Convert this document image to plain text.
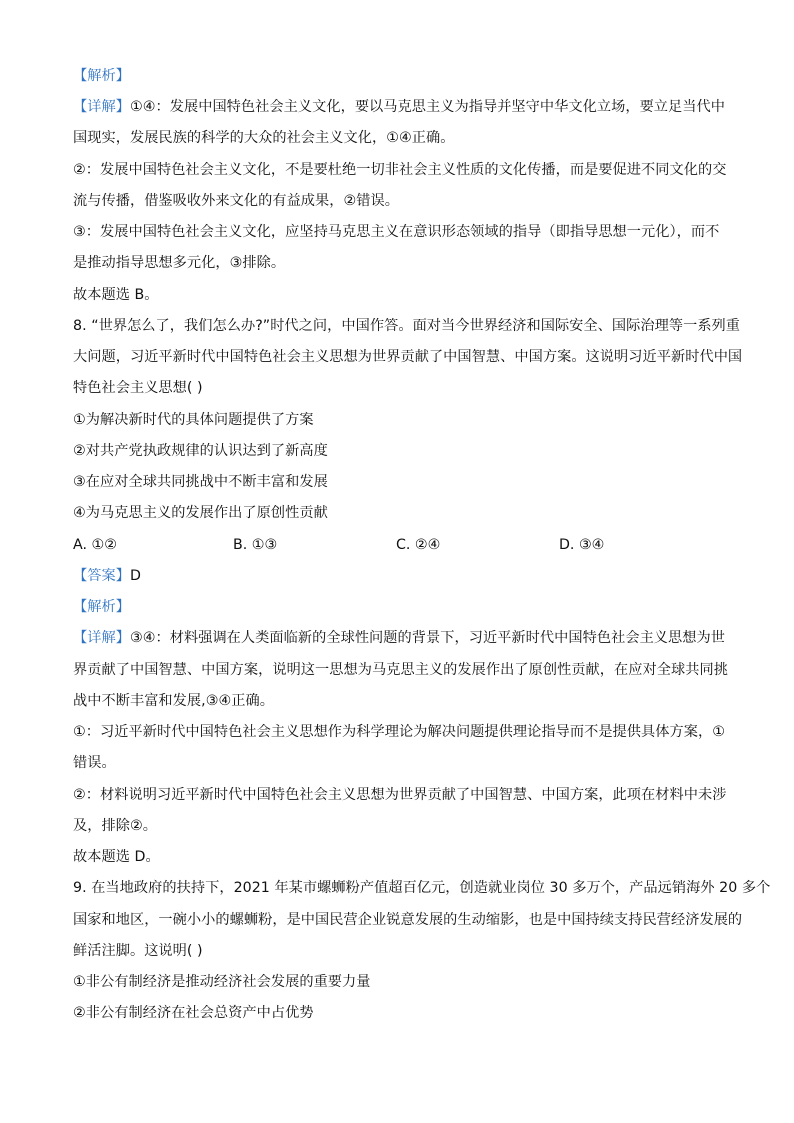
【解析】
【详解】①④：发展中国特色社会主义文化，要以马克思主义为指导并坚守中华文化立场，要立足当代中
国现实，发展民族的科学的大众的社会主义文化，①④正确。
②：发展中国特色社会主义文化，不是要杜绝一切非社会主义性质的文化传播，而是要促进不同文化的交
流与传播，借鉴吸收外来文化的有益成果，②错误。
③：发展中国特色社会主义文化，应坚持马克思主义在意识形态领域的指导（即指导思想一元化），而不
是推动指导思想多元化，③排除。
故本题选 B。
8. “世界怎么了，我们怎么办?”时代之问，中国作答。面对当今世界经济和国际安全、国际治理等一系列重
大问题，习近平新时代中国特色社会主义思想为世界贡献了中国智慧、中国方案。这说明习近平新时代中国
特色社会主义思想( )
①为解决新时代的具体问题提供了方案
②对共产党执政规律的认识达到了新高度
③在应对全球共同挑战中不断丰富和发展
④为马克思主义的发展作出了原创性贡献
A. ①②	B. ①③	C. ②④	D. ③④
【答案】D
【解析】
【详解】③④：材料强调在人类面临新的全球性问题的背景下，习近平新时代中国特色社会主义思想为世
界贡献了中国智慧、中国方案，说明这一思想为马克思主义的发展作出了原创性贡献，在应对全球共同挑
战中不断丰富和发展,③④正确。
①：习近平新时代中国特色社会主义思想作为科学理论为解决问题提供理论指导而不是提供具体方案，①
错误。
②：材料说明习近平新时代中国特色社会主义思想为世界贡献了中国智慧、中国方案，此项在材料中未涉
及，排除②。
故本题选 D。
9. 在当地政府的扶持下，2021 年某市螺蛳粉产值超百亿元，创造就业岗位 30 多万个，产品远销海外 20 多个
国家和地区，一碗小小的螺蛳粉，是中国民营企业锐意发展的生动缩影，也是中国持续支持民营经济发展的
鲜活注脚。这说明( )
①非公有制经济是推动经济社会发展的重要力量
②非公有制经济在社会总资产中占优势
